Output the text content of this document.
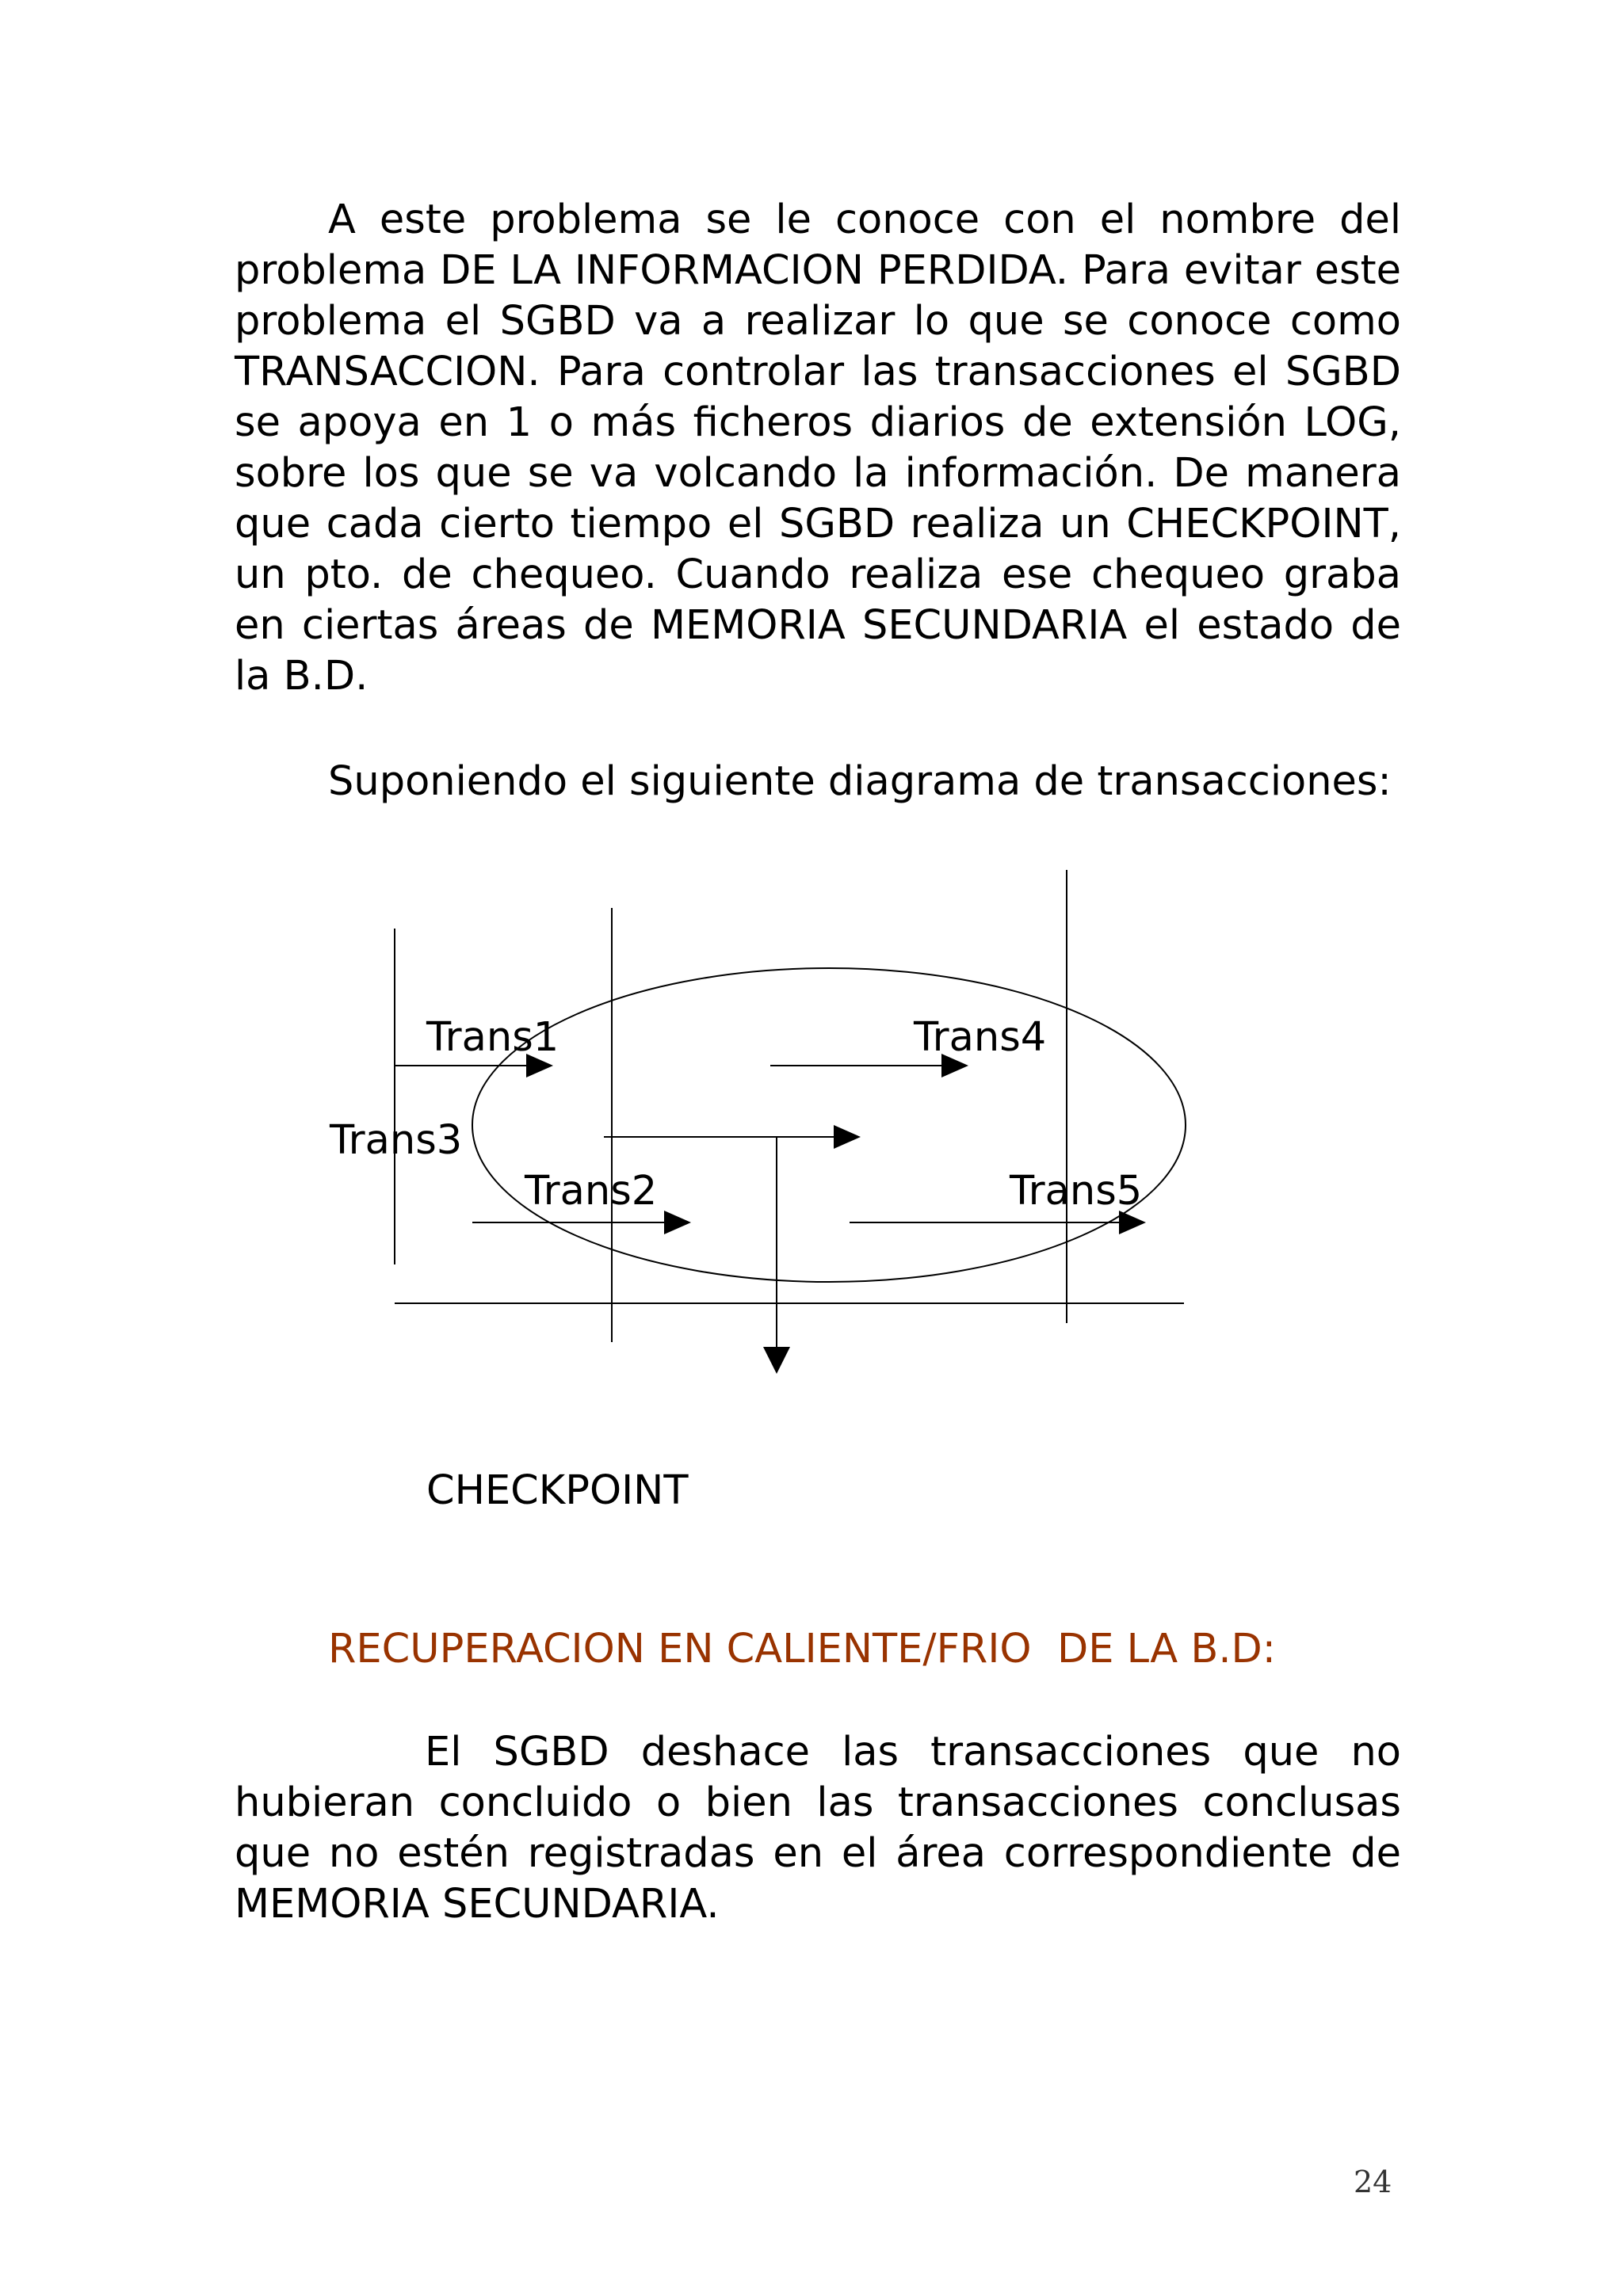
A este problema se le conoce con el nombre del problema DE LA INFORMACION PERDIDA. Para evitar este problema el SGBD va a realizar lo que se conoce como TRANSACCION. Para controlar las transacciones el SGBD se apoya en 1 o más ficheros diarios de extensión LOG, sobre los que se va volcando la información. De manera que cada cierto tiempo el SGBD realiza un CHECKPOINT, un pto. de chequeo. Cuando realiza ese chequeo graba en ciertas áreas de MEMORIA SECUNDARIA el estado de la B.D.

Suponiendo el siguiente diagrama de transacciones:

Trans1	Trans4
Trans3
Trans2	Trans5

CHECKPOINT

RECUPERACION EN CALIENTE/FRIO  DE LA B.D:

El SGBD deshace las transacciones que no hubieran concluido o bien las transacciones conclusas que no estén registradas en el área correspondiente de MEMORIA SECUNDARIA.

24
